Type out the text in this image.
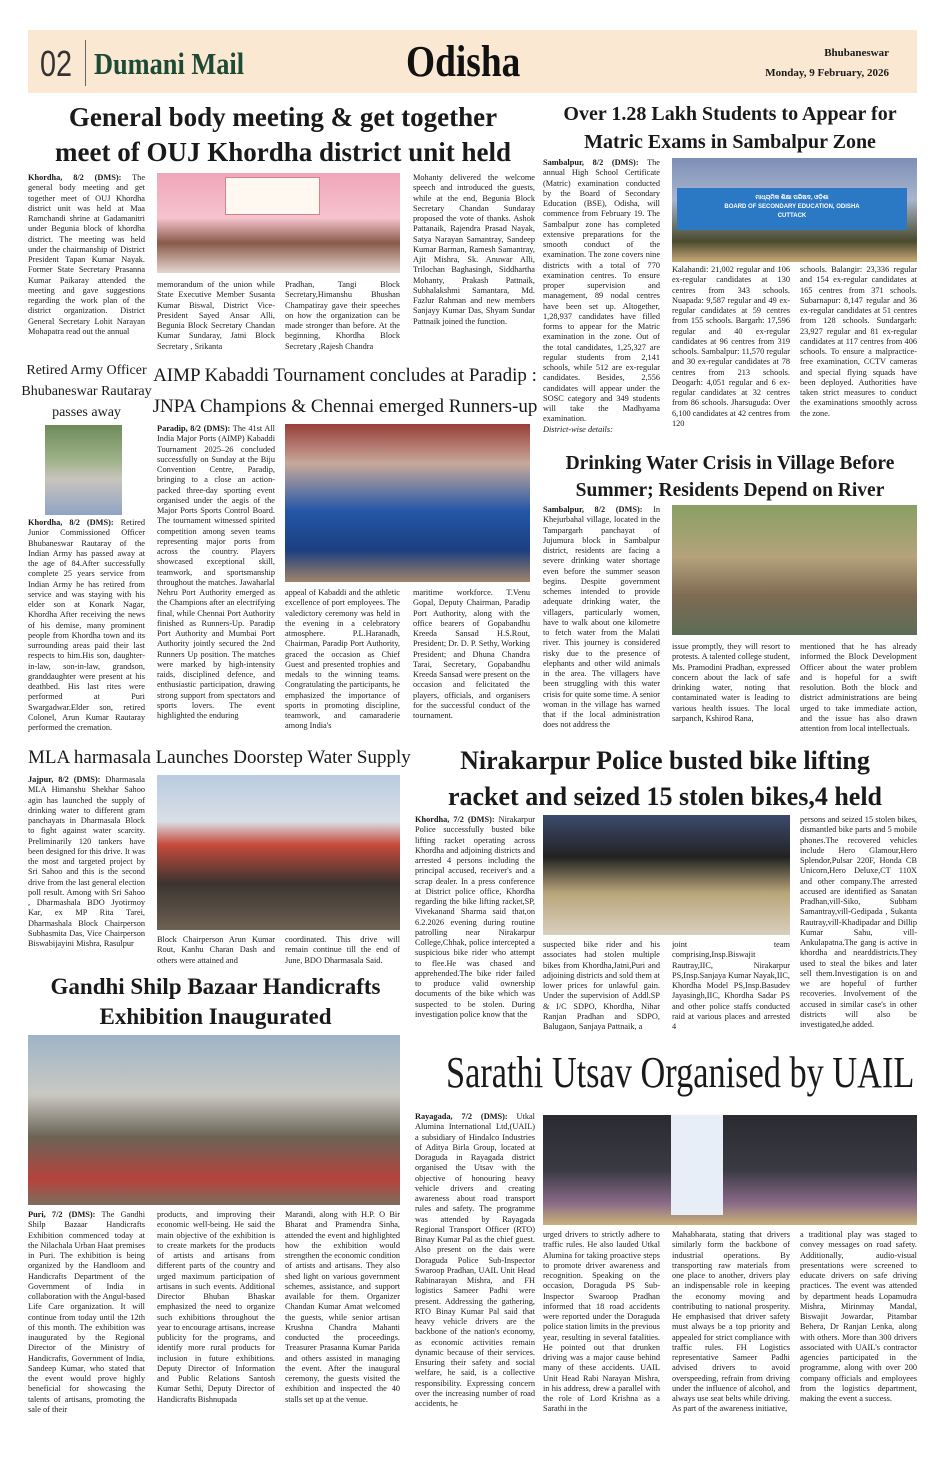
02 Dumani Mail	Odisha	Bhubaneswar
Monday, 9 February, 2026
General body meeting & get together
meet of OUJ Khordha district unit held

Khordha, 8/2 (DMS): The general body meeting and get together meet of OUJ Khordha district unit was held at Maa Ramchandi shrine at Gadamanitri under Begunia block of khordha district. The meeting was held under the chairmanship of District President Tapan Kumar Nayak. Former State Secretary Prasanna Kumar Paikaray attended the meeting and gave suggestions regarding the work plan of the district organization. District General Secretary Lohit Narayan Mohapatra read out the annual

memorandum of the union while State Executive Member Susanta Kumar Biswal, District Vice-President Sayed Ansar Alli, Begunia Block Secretary Chandan Kumar Sundaray, Jatni Block Secretary , Srikanta

Pradhan, Tangi Block Secretary,Himanshu Bhushan Champatiray gave their speeches on how the organization can be made stronger than before. At the beginning, Khordha Block Secretary ,Rajesh Chandra

Mohanty delivered the welcome speech and introduced the guests, while at the end, Begunia Block Secretary Chandan Sundaray proposed the vote of thanks. Ashok Pattanaik, Rajendra Prasad Nayak, Satya Narayan Samantray, Sandeep Kumar Barman, Ramesh Samantray, Ajit Mishra, Sk. Anuwar Alli, Trilochan Baghasingh, Siddhartha Mohanty, Prakash Pattnaik, Subhalakshmi Samantara, Md. Fazlur Rahman and new members Sanjayy Kumar Das, Shyam Sundar Pattnaik joined the function.

Retired Army Officer
Bhubaneswar Rautaray
passes away

Khordha, 8/2 (DMS): Retired Junior Commissioned Officer Bhubaneswar Rautaray of the Indian Army has passed away at the age of 84.After successfully complete 25 years service from Indian Army he has retired from service and was staying with his elder son at Konark Nagar, Khordha After receiving the news of his demise, many prominent people from Khordha town and its surrounding areas paid their last respects to him.His son, daughter-in-law, son-in-law, grandson, granddaughter were present at his deathbed. His last rites were performed at Puri Swargadwar.Elder son, retired Colonel, Arun Kumar Rautaray performed the cremation.

AIMP Kabaddi Tournament concludes at Paradip :
JNPA Champions & Chennai emerged Runners-up

Paradip, 8/2 (DMS): The 41st All India Major Ports (AIMP) Kabaddi Tournament 2025–26 concluded successfully on Sunday at the Biju Convention Centre, Paradip, bringing to a close an action-packed three-day sporting event organised under the aegis of the Major Ports Sports Control Board. The tournament witnessed spirited competition among seven teams representing major ports from across the country. Players showcased exceptional skill, teamwork, and sportsmanship throughout the matches. Jawaharlal Nehru Port Authority emerged as the Champions after an electrifying final, while Chennai Port Authority finished as Runners-Up. Paradip Port Authority and Mumbai Port Authority jointly secured the 2nd Runners Up position. The matches were marked by high-intensity raids, disciplined defence, and enthusiastic participation, drawing strong support from spectators and sports lovers. The event highlighted the enduring

appeal of Kabaddi and the athletic excellence of port employees. The valedictory ceremony was held in the evening in a celebratory atmosphere. P.L.Haranadh, Chairman, Paradip Port Authority, graced the occasion as Chief Guest and presented trophies and medals to the winning teams. Congratulating the participants, he emphasized the importance of sports in promoting discipline, teamwork, and camaraderie among India's

maritime workforce. T.Venu Gopal, Deputy Chairman, Paradip Port Authority, along with the office bearers of Gopabandhu Kreeda Sansad H.S.Rout, President; Dr. D. P. Sethy, Working President; and Dhuna Chandra Tarai, Secretary, Gopabandhu Kreeda Sansad were present on the occasion and felicitated the players, officials, and organisers for the successful conduct of the tournament.

MLA harmasala Launches Doorstep Water Supply

Jajpur, 8/2 (DMS): Dharmasala MLA Himanshu Shekhar Sahoo agin has launched the supply of drinking water to different gram panchayats in Dharmasala Block to fight against water scarcity. Preliminarily 120 tankers have been designed for this drive. It was the most and targeted project by Sri Sahoo and this is the second drive from the last general election poll result. Among with Sri Sahoo , Dharmashala BDO Jyotirmoy Kar, ex MP Rita Tarei, Dharmashala Block Chairperson Subhasmita Das, Vice Chairperson Biswabijayini Mishra, Rasulpur	Block Chairperson Arun Kumar Rout, Kanhu Charan Dash and others were attained and

coordinated. This drive will remain continue till the end of June, BDO Dharmasala Said.

Gandhi Shilp Bazaar Handicrafts
Exhibition Inaugurated

Puri, 7/2 (DMS): The Gandhi Shilp Bazaar Handicrafts Exhibition commenced today at the Nilachala Urban Haat premises in Puri. The exhibition is being organized by the Handloom and Handicrafts Department of the Government of India in collaboration with the Angul-based Life Care organization. It will continue from today until the 12th of this month. The exhibition was inaugurated by the Regional Director of the Ministry of Handicrafts, Government of India, Sandeep Kumar, who stated that the event would prove highly beneficial for showcasing the talents of artisans, promoting the sale of their

products, and improving their economic well-being. He said the main objective of the exhibition is to create markets for the products of artists and artisans from different parts of the country and urged maximum participation of artisans in such events. Additional Director Bhuban Bhaskar emphasized the need to organize such exhibitions throughout the year to encourage artisans, increase publicity for the programs, and identify more rural products for inclusion in future exhibitions. Deputy Director of Information and Public Relations Santosh Kumar Sethi, Deputy Director of Handicrafts Bishnupada

Marandi, along with H.P. O Bir Bharat and Pramendra Sinha, attended the event and highlighted how the exhibition would strengthen the economic condition of artists and artisans. They also shed light on various government schemes, assistance, and support available for them. Organizer Chandan Kumar Amat welcomed the guests, while senior artisan Krushna Chandra Mahanti conducted the proceedings. Treasurer Prasanna Kumar Parida and others assisted in managing the event. After the inaugural ceremony, the guests visited the exhibition and inspected the 40 stalls set up at the venue.

Over 1.28 Lakh Students to Appear for
Matric Exams in Sambalpur Zone

Sambalpur, 8/2 (DMS): The annual High School Certificate (Matric) examination conducted by the Board of Secondary Education (BSE), Odisha, will commence from February 19. The Sambalpur zone has completed extensive preparations for the smooth conduct of the examination. The zone covers nine districts with a total of 770 examination centres. To ensure proper supervision and management, 89 nodal centres have been set up. Altogether, 1,28,937 candidates have filled forms to appear for the Matric examination in the zone. Out of the total candidates, 1,25,327 are regular students from 2,141 schools, while 512 are ex-regular candidates. Besides, 2,556 candidates will appear under the SOSC category and 349 students will take the Madhyama examination.

District-wise details:

ମାଧ୍ୟମିକ ଶିକ୍ଷା ପରିଷଦ, ଓଡ଼ିଶା
BOARD OF SECONDARY EDUCATION, ODISHA
CUTTACK

Kalahandi: 21,002 regular and 106 ex-regular candidates at 130 centres from 343 schools. Nuapada: 9,587 regular and 49 ex-regular candidates at 59 centres from 155 schools. Bargarh: 17,596 regular and 40 ex-regular candidates at 96 centres from 319 schools. Sambalpur: 11,570 regular and 30 ex-regular candidates at 78 centres from 213 schools. Deogarh: 4,051 regular and 6 ex-regular candidates at 32 centres from 86 schools. Jharsuguda: Over 6,100 candidates at 42 centres from 120

schools. Balangir: 23,336 regular and 154 ex-regular candidates at 165 centres from 371 schools. Subarnapur: 8,147 regular and 36 ex-regular candidates at 51 centres from 128 schools. Sundargarh: 23,927 regular and 81 ex-regular candidates at 117 centres from 406 schools. To ensure a malpractice-free examination, CCTV cameras and special flying squads have been deployed. Authorities have taken strict measures to conduct the examinations smoothly across the zone.

Drinking Water Crisis in Village Before
Summer; Residents Depend on River

Sambalpur, 8/2 (DMS): In Khejurbahal village, located in the Tampargarh panchayat of Jujumura block in Sambalpur district, residents are facing a severe drinking water shortage even before the summer season begins. Despite government schemes intended to provide adequate drinking water, the villagers, particularly women, have to walk about one kilometre to fetch water from the Malati river. This journey is considered risky due to the presence of elephants and other wild animals in the area. The villagers have been struggling with this water crisis for quite some time. A senior woman in the village has warned that if the local administration does not address the

issue promptly, they will resort to protests. A talented college student, Ms. Pramodini Pradhan, expressed concern about the lack of safe drinking water, noting that contaminated water is leading to various health issues. The local sarpanch, Kshirod Rana,

mentioned that he has already informed the Block Development Officer about the water problem and is hopeful for a swift resolution. Both the block and district administrations are being urged to take immediate action, and the issue has also drawn attention from local intellectuals.

Nirakarpur Police busted bike lifting
racket and seized 15 stolen bikes,4 held

Khordha, 7/2 (DMS): Nirakarpur Police successfully busted bike lifting racket operating across Khordha and adjoining districts and arrested 4 persons including the principal accused, receiver's and a scrap dealer. In a press conference at District police office, Khordha regarding the bike lifting racket,SP, Vivekanand Sharma said that,on 6.2.2026 evening during routine patrolling near Nirakarpur College,Chhak, police intercepted a suspicious bike rider who attempt to flee.He was chased and apprehended.The bike rider failed to produce valid ownership documents of the bike which was suspected to be stolen. During investigation police know that the

suspected bike rider and his associates had stolen multiple bikes from Khordha,Jatni,Puri and adjoining districts and sold them at lower prices for unlawful gain. Under the supervision of Addl.SP & I/C SDPO, Khordha, Nihar Ranjan Pradhan and SDPO, Balugaon, Sanjaya Pattnaik, a

joint team comprising,Insp.Biswajit Rautray,IIC, Nirakarpur PS,Insp.Sanjaya Kumar Nayak,IIC, Khordha Model PS,Insp.Basudev Jayasingh,IIC, Khordha Sadar PS and other police staffs conducted raid at various places and arrested 4

persons and seized 15 stolen bikes, dismantled bike parts and 5 mobile phones.The recovered vehicles include Hero Glamour,Hero Splendor,Pulsar 220F, Honda CB Unicorn,Hero Deluxe,CT 110X and other company.The arrested accused are identified as Sanatan Pradhan,vill-Siko, Subham Samantray,vill-Gedipada , Sukanta Rautray,vill-Khadipadar and Dillip Kumar Sahu, vill-Ankulapatna.The gang is active in khordha and nearddistricts.They used to steal the bikes and later sell them.Investigation is on and we are hopeful of further recoveries. Involvement of the accused in similar case's in other districts will also be investigated,he added.

Sarathi Utsav Organised by UAIL

Rayagada, 7/2 (DMS): Utkal Alumina International Ltd,(UAIL) a subsidiary of Hindalco Industries of Aditya Birla Group, located at Doraguda in Rayagada district organised the Utsav with the objective of honouring heavy vehicle drivers and creating awareness about road transport rules and safety. The programme was attended by Rayagada Regional Transport Officer (RTO) Binay Kumar Pal as the chief guest. Also present on the dais were Doraguda Police Sub-Inspector Swaroop Pradhan, UAIL Unit Head Rabinarayan Mishra, and FH logistics Sameer Padhi were present. Addressing the gathering, RTO Binay Kumar Pal said that heavy vehicle drivers are the backbone of the nation's economy, as economic activities remain dynamic because of their services. Ensuring their safety and social welfare, he said, is a collective responsibility. Expressing concern over the increasing number of road accidents, he

urged drivers to strictly adhere to traffic rules. He also lauded Utkal Alumina for taking proactive steps to promote driver awareness and recognition. Speaking on the occasion, Doraguda PS Sub-Inspector Swaroop Pradhan informed that 18 road accidents were reported under the Doraguda police station limits in the previous year, resulting in several fatalities. He pointed out that drunken driving was a major cause behind many of these accidents. UAIL Unit Head Rabi Narayan Mishra, in his address, drew a parallel with the role of Lord Krishna as a Sarathi in the

Mahabharata, stating that drivers similarly form the backbone of industrial operations. By transporting raw materials from one place to another, drivers play an indispensable role in keeping the economy moving and contributing to national prosperity. He emphasised that driver safety must always be a top priority and appealed for strict compliance with traffic rules. FH Logistics representative Sameer Padhi advised drivers to avoid overspeeding, refrain from driving under the influence of alcohol, and always use seat belts while driving. As part of the awareness initiative,

a traditional play was staged to convey messages on road safety. Additionally, audio-visual presentations were screened to educate drivers on safe driving practices. The event was attended by department heads Lopamudra Mishra, Mirinmay Mandal, Biswajit Jowardar, Pitambar Behera, Dr Ranjan Lenka, along with others. More than 300 drivers associated with UAIL's contractor agencies participated in the programme, along with over 200 company officials and employees from the logistics department, making the event a success.
